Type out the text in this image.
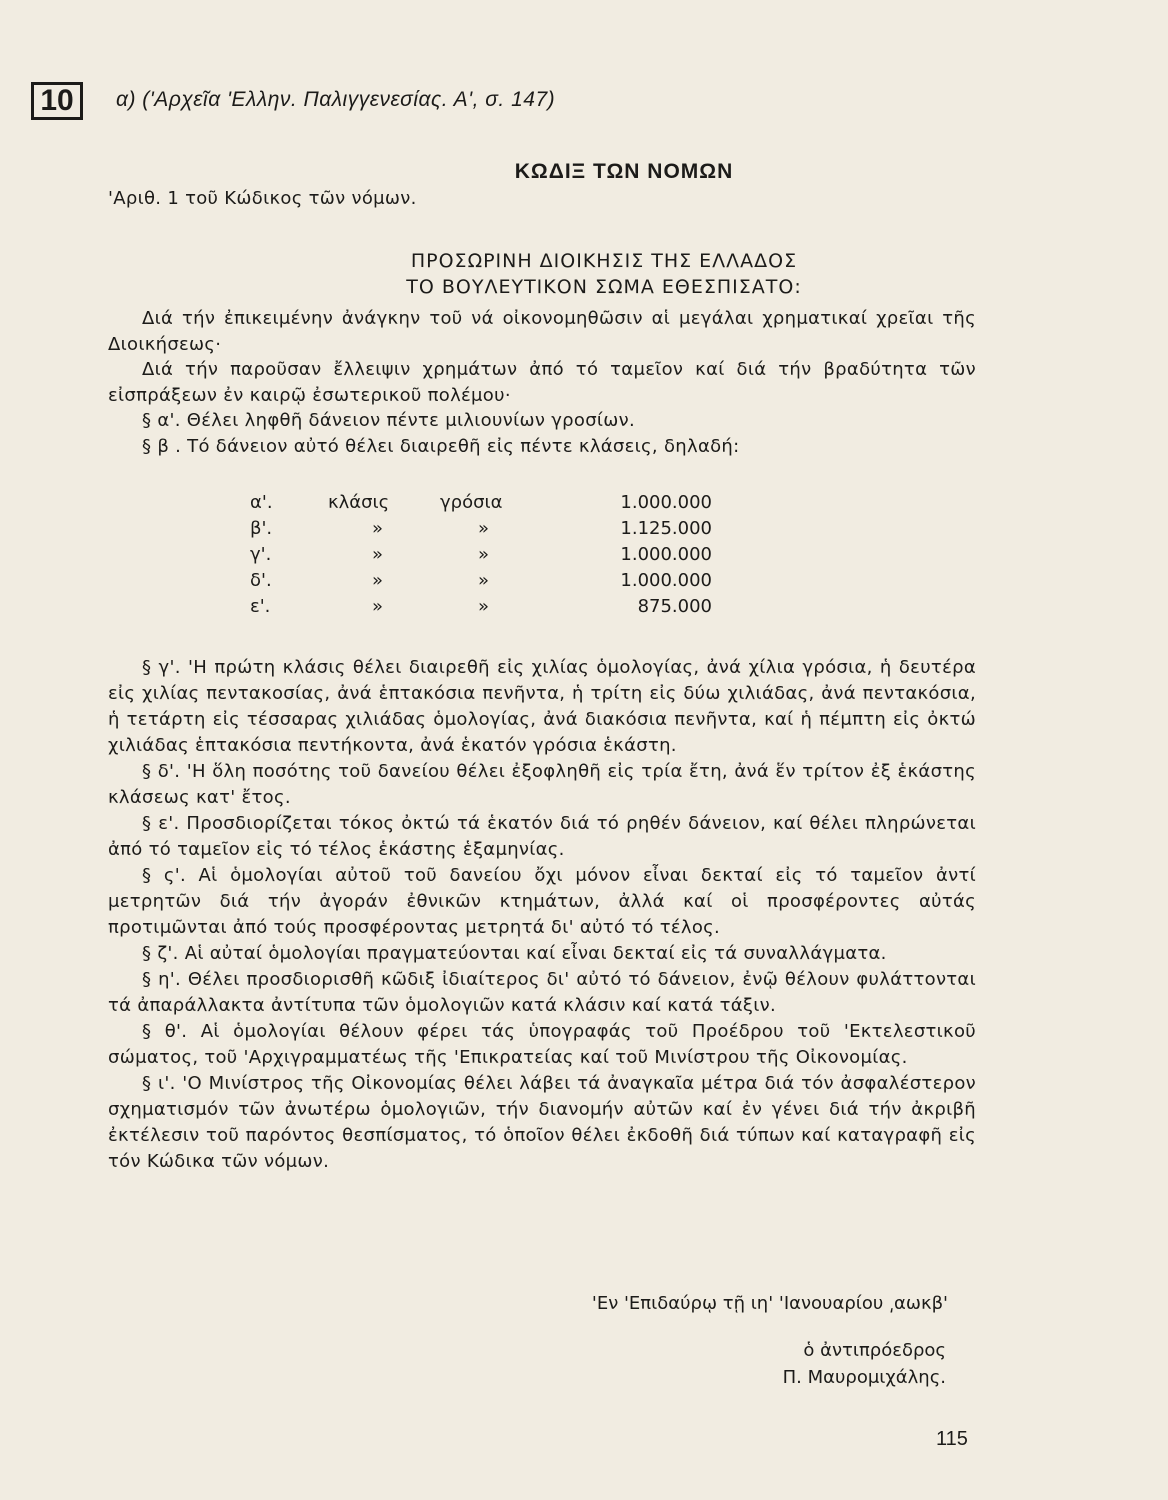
10	α) ('Αρχεῖα 'Ελλην. Παλιγγενεσίας. Α', σ. 147)
ΚΩΔΙΞ ΤΩΝ ΝΟΜΩΝ
'Αριθ. 1 τοῦ Κώδικος τῶν νόμων.
ΠΡΟΣΩΡΙΝΗ ΔΙΟΙΚΗΣΙΣ ΤΗΣ ΕΛΛΑΔΟΣ
ΤΟ ΒΟΥΛΕΥΤΙΚΟΝ ΣΩΜΑ ΕΘΕΣΠΙΣΑΤΟ:

Διά τήν ἐπικειμένην ἀνάγκην τοῦ νά οἰκονομηθῶσιν αἱ μεγάλαι χρηματικαί χρεῖαι τῆς Διοικήσεως·

Διά τήν παροῦσαν ἔλλειψιν χρημάτων ἀπό τό ταμεῖον καί διά τήν βραδύτητα τῶν εἰσπράξεων ἐν καιρῷ ἐσωτερικοῦ πολέμου·

§ α'. Θέλει ληφθῆ δάνειον πέντε μιλιουνίων γροσίων.

§ β . Τό δάνειον αὐτό θέλει διαιρεθῆ εἰς πέντε κλάσεις, δηλαδή:

α'.	κλάσις	γρόσια	1.000.000
β'.	»	»	1.125.000
γ'.	»	»	1.000.000
δ'.	»	»	1.000.000
ε'.	»	»	875.000

§ γ'. 'Η πρώτη κλάσις θέλει διαιρεθῆ εἰς χιλίας ὁμολογίας, ἀνά χίλια γρόσια, ἡ δευτέρα εἰς χιλίας πεντακοσίας, ἀνά ἑπτακόσια πενῆντα, ἡ τρίτη εἰς δύω χιλιάδας, ἀνά πεντακόσια, ἡ τετάρτη εἰς τέσσαρας χιλιάδας ὁμολογίας, ἀνά διακόσια πενῆντα, καί ἡ πέμπτη εἰς ὀκτώ χιλιάδας ἑπτακόσια πεντήκοντα, ἀνά ἑκατόν γρόσια ἑκάστη.

§ δ'. 'Η ὅλη ποσότης τοῦ δανείου θέλει ἐξοφληθῆ εἰς τρία ἔτη, ἀνά ἕν τρίτον ἐξ ἑκάστης κλάσεως κατ' ἔτος.

§ ε'. Προσδιορίζεται τόκος ὀκτώ τά ἑκατόν διά τό ρηθέν δάνειον, καί θέλει πληρώνεται ἀπό τό ταμεῖον εἰς τό τέλος ἑκάστης ἑξαμηνίας.

§ ς'. Αἱ ὁμολογίαι αὐτοῦ τοῦ δανείου ὄχι μόνον εἶναι δεκταί εἰς τό ταμεῖον ἀντί μετρητῶν διά τήν ἀγοράν ἐθνικῶν κτημάτων, ἀλλά καί οἱ προσφέροντες αὐτάς προτιμῶνται ἀπό τούς προσφέροντας μετρητά δι' αὐτό τό τέλος.

§ ζ'. Αἱ αὐταί ὁμολογίαι πραγματεύονται καί εἶναι δεκταί εἰς τά συναλλάγματα.

§ η'. Θέλει προσδιορισθῆ κῶδιξ ἰδιαίτερος δι' αὐτό τό δάνειον, ἐνῷ θέλουν φυλάττονται τά ἀπαράλλακτα ἀντίτυπα τῶν ὁμολογιῶν κατά κλάσιν καί κατά τάξιν.

§ θ'. Αἱ ὁμολογίαι θέλουν φέρει τάς ὑπογραφάς τοῦ Προέδρου τοῦ 'Εκτελεστικοῦ σώματος, τοῦ 'Αρχιγραμματέως τῆς 'Επικρατείας καί τοῦ Μινίστρου τῆς Οἰκονομίας.

§ ι'. 'Ο Μινίστρος τῆς Οἰκονομίας θέλει λάβει τά ἀναγκαῖα μέτρα διά τόν ἀσφαλέστερον σχηματισμόν τῶν ἀνωτέρω ὁμολογιῶν, τήν διανομήν αὐτῶν καί ἐν γένει διά τήν ἀκριβῆ ἐκτέλεσιν τοῦ παρόντος θεσπίσματος, τό ὁποῖον θέλει ἐκδοθῆ διά τύπων καί καταγραφῆ εἰς τόν Κώδικα τῶν νόμων.

'Εν 'Επιδαύρῳ τῇ ιη' 'Ιανουαρίου ͵αωκβ'
ὁ ἀντιπρόεδρος
Π. Μαυρομιχάλης.
115
